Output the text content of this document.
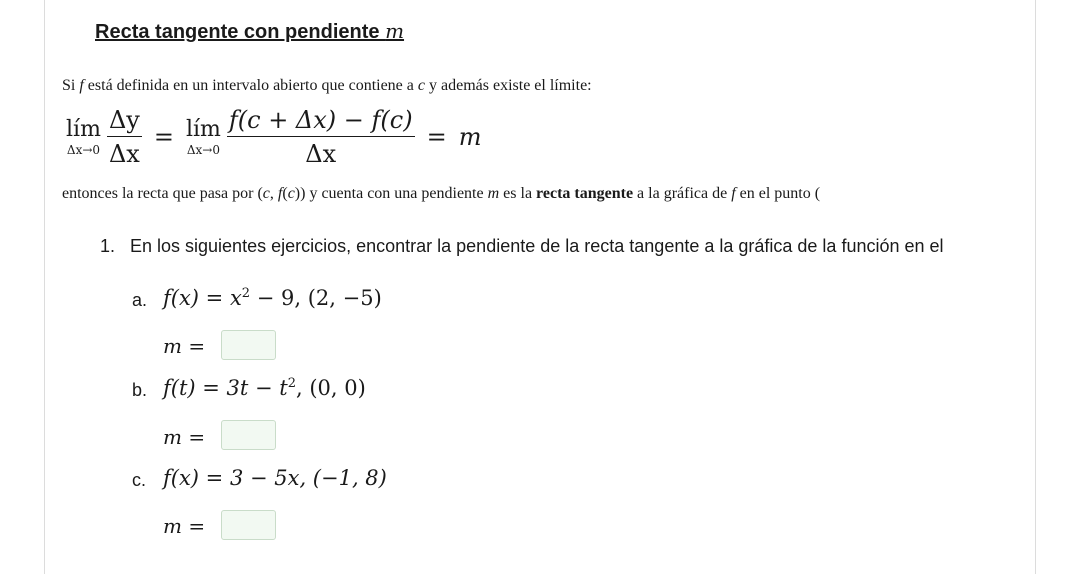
Recta tangente con pendiente m
Si f está definida en un intervalo abierto que contiene a c y además existe el límite:
lím
$\Delta x\to 0 \frac{\Delta y}{\Delta x}$ = lím
$\Delta x\to 0 \frac{f(c + \Delta x) - f(c)}{\Delta x} = m$
entonces la recta que pasa por (c, f(c)) y cuenta con una pendiente m es la recta tangente a la gráfica de f en el punto (
1. En los siguientes ejercicios, encontrar la pendiente de la recta tangente a la gráfica de la función en el
a. $f(x) = x^2 - 9$, (2, −5)
m =
b. $f(t) = 3t - t^2$, (0, 0)
m =
c. f(x) = 3 − 5x, (−1, 8)
m =
